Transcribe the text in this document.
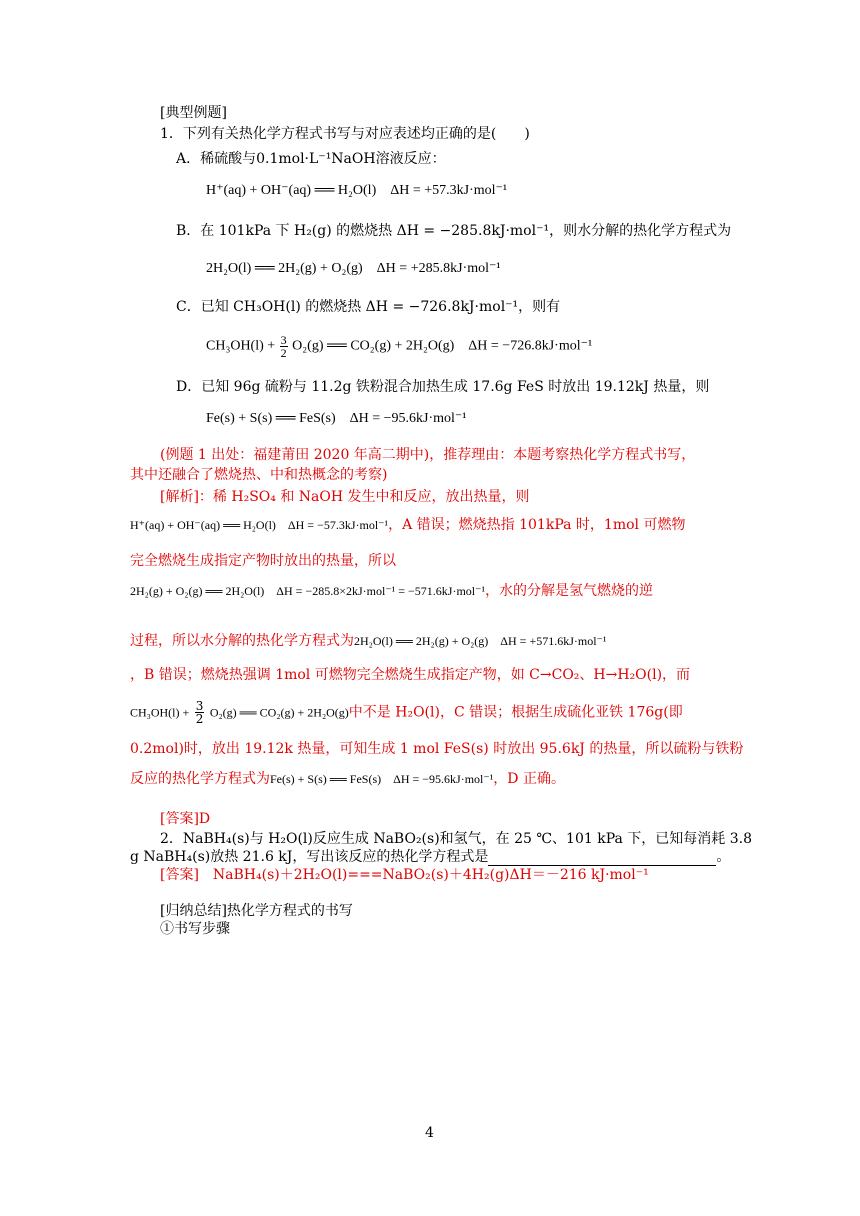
[典型例题]
1．下列有关热化学方程式书写与对应表述均正确的是(　　)
A．稀硫酸与0.1mol·L⁻¹NaOH溶液反应：
H⁺(aq) + OH⁻(aq) ══ H₂O(l)　ΔH = +57.3kJ·mol⁻¹
B．在 101kPa 下 H₂(g) 的燃烧热 ΔH = −285.8kJ·mol⁻¹，则水分解的热化学方程式为
2H₂O(l) ══ 2H₂(g) + O₂(g)　ΔH = +285.8kJ·mol⁻¹
C．已知 CH₃OH(l) 的燃烧热 ΔH = −726.8kJ·mol⁻¹，则有
$CH_3OH(l) + \frac{3}{2} O_2(g)$ ══ CO₂(g) + 2H₂O(g)　ΔH = −726.8kJ·mol⁻¹
D．已知 96g 硫粉与 11.2g 铁粉混合加热生成 17.6g FeS 时放出 19.12kJ 热量，则
Fe(s) + S(s) ══ FeS(s)　ΔH = −95.6kJ·mol⁻¹
(例题 1 出处：福建莆田 2020 年高二期中)，推荐理由：本题考察热化学方程式书写，
其中还融合了燃烧热、中和热概念的考察)
[解析]：稀 H₂SO₄ 和 NaOH 发生中和反应，放出热量，则
H⁺(aq) + OH⁻(aq) ══ H₂O(l)　ΔH = −57.3kJ·mol⁻¹，A 错误；燃烧热指 101kPa 时，1mol 可燃物
完全燃烧生成指定产物时放出的热量，所以
2H₂(g) + O₂(g) ══ 2H₂O(l)　ΔH = −285.8×2kJ·mol⁻¹ = −571.6kJ·mol⁻¹，水的分解是氢气燃烧的逆
过程，所以水分解的热化学方程式为2H₂O(l) ══ 2H₂(g) + O₂(g)　ΔH = +571.6kJ·mol⁻¹
，B 错误；燃烧热强调 1mol 可燃物完全燃烧生成指定产物，如 C→CO₂、H→H₂O(l)，而
$CH_3OH(l) + \frac{3}{2} O_2(g)$ ══ CO₂(g) + 2H₂O(g)中不是 H₂O(l)，C 错误；根据生成硫化亚铁 176g(即
0.2mol)时，放出 19.12k 热量，可知生成 1 mol FeS(s) 时放出 95.6kJ 的热量，所以硫粉与铁粉
反应的热化学方程式为Fe(s) + S(s) ══ FeS(s)　ΔH = −95.6kJ·mol⁻¹，D 正确。
[答案]D
2．NaBH₄(s)与 H₂O(l)反应生成 NaBO₂(s)和氢气，在 25 ℃、101 kPa 下，已知每消耗 3.8
g NaBH₄(s)放热 21.6 kJ，写出该反应的热化学方程式是	。
[答案]　NaBH₄(s)＋2H₂O(l)===NaBO₂(s)＋4H₂(g)ΔH＝－216 kJ·mol⁻¹
[归纳总结]热化学方程式的书写
①书写步骤
4
